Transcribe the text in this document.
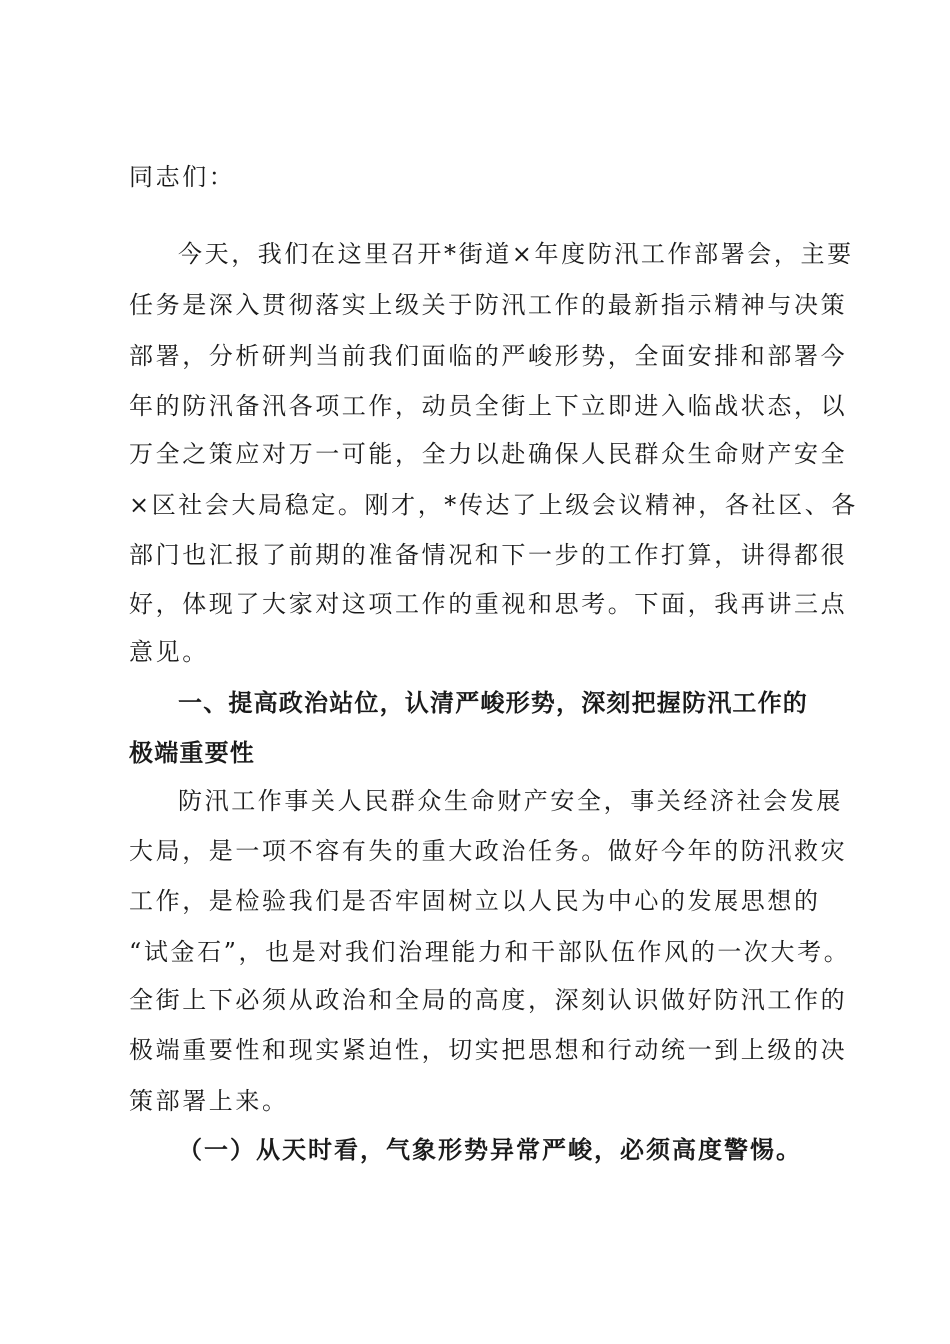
同志们：
今天，我们在这里召开*街道×年度防汛工作部署会，主要
任务是深入贯彻落实上级关于防汛工作的最新指示精神与决策
部署，分析研判当前我们面临的严峻形势，全面安排和部署今
年的防汛备汛各项工作，动员全街上下立即进入临战状态，以
万全之策应对万一可能，全力以赴确保人民群众生命财产安全
×区社会大局稳定。刚才，*传达了上级会议精神，各社区、各
部门也汇报了前期的准备情况和下一步的工作打算，讲得都很
好，体现了大家对这项工作的重视和思考。下面，我再讲三点
意见。
一、提高政治站位，认清严峻形势，深刻把握防汛工作的
极端重要性
防汛工作事关人民群众生命财产安全，事关经济社会发展
大局，是一项不容有失的重大政治任务。做好今年的防汛救灾
工作，是检验我们是否牢固树立以人民为中心的发展思想的
“试金石”，也是对我们治理能力和干部队伍作风的一次大考。
全街上下必须从政治和全局的高度，深刻认识做好防汛工作的
极端重要性和现实紧迫性，切实把思想和行动统一到上级的决
策部署上来。
（一）从天时看，气象形势异常严峻，必须高度警惕。
